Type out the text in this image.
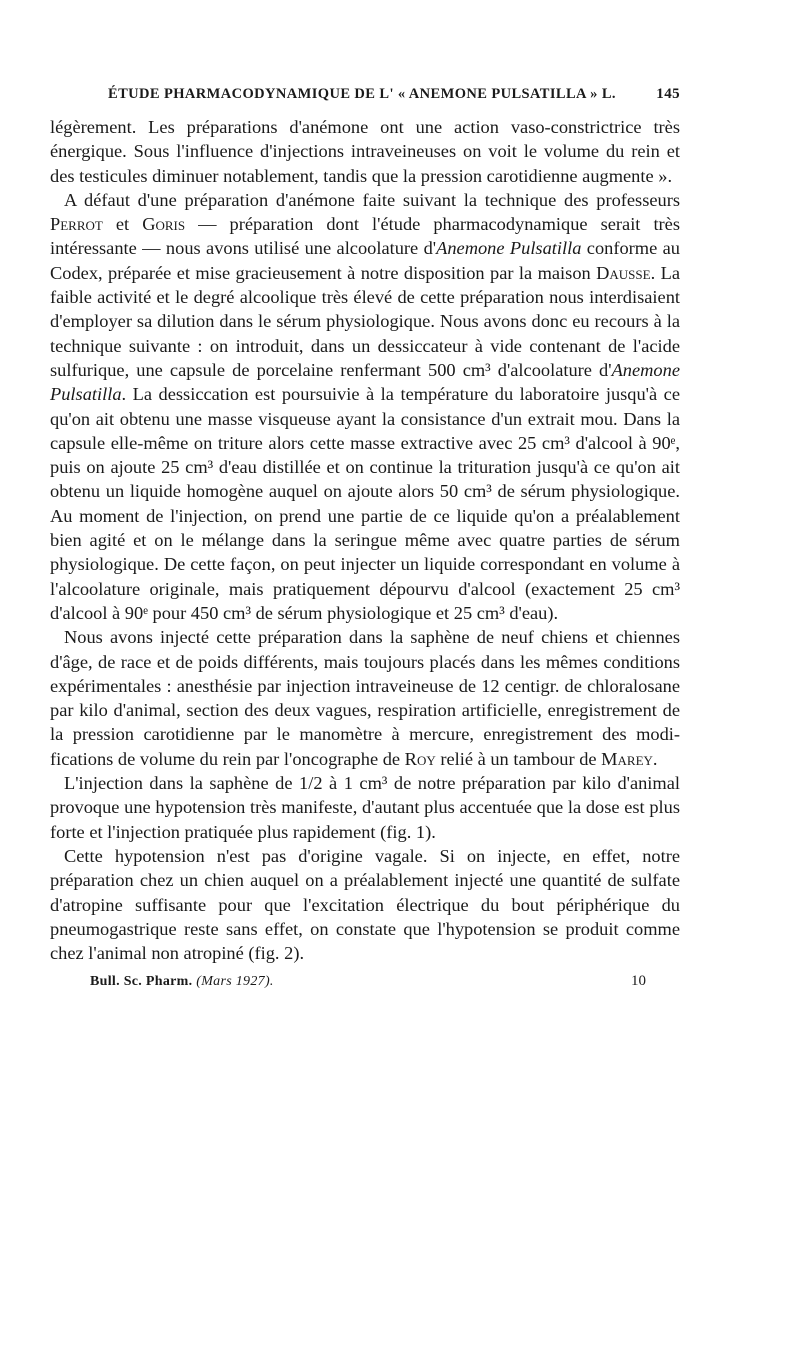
ÉTUDE PHARMACODYNAMIQUE DE L' « ANEMONE PULSATILLA » L.	145

légèrement. Les préparations d'anémone ont une action vaso-constrictrice très énergique. Sous l'influence d'injections intraveineuses on voit le volume du rein et des testicules diminuer notablement, tandis que la pression carotidienne augmente ».

A défaut d'une préparation d'anémone faite suivant la technique des professeurs Perrot et Goris — préparation dont l'étude pharmacodynamique serait très intéressante — nous avons utilisé une alcoolature d'Anemone Pulsatilla conforme au Codex, préparée et mise gracieusement à notre disposition par la maison Dausse. La faible activité et le degré alcoolique très élevé de cette préparation nous interdisaient d'employer sa dilution dans le sérum physiologique. Nous avons donc eu recours à la technique suivante : on introduit, dans un dessiccateur à vide contenant de l'acide sulfurique, une capsule de porcelaine renfermant 500 cm³ d'alcoolature d'Anemone Pulsatilla. La dessiccation est poursuivie à la température du laboratoire jusqu'à ce qu'on ait obtenu une masse visqueuse ayant la consistance d'un extrait mou. Dans la capsule elle-même on triture alors cette masse extractive avec 25 cm³ d'alcool à 90ᵉ, puis on ajoute 25 cm³ d'eau distillée et on continue la trituration jusqu'à ce qu'on ait obtenu un liquide homogène auquel on ajoute alors 50 cm³ de sérum physiologique. Au moment de l'injection, on prend une partie de ce liquide qu'on a préalablement bien agité et on le mélange dans la seringue même avec quatre parties de sérum physiologique. De cette façon, on peut injecter un liquide correspondant en volume à l'alcoolature originale, mais pratiquement dépourvu d'alcool (exactement 25 cm³ d'alcool à 90ᵉ pour 450 cm³ de sérum physiologique et 25 cm³ d'eau).

Nous avons injecté cette préparation dans la saphène de neuf chiens et chiennes d'âge, de race et de poids différents, mais toujours placés dans les mêmes conditions expérimentales : anesthésie par injection intraveineuse de 12 centigr. de chloralosane par kilo d'animal, section des deux vagues, respiration artificielle, enregistrement de la pression carotidienne par le manomètre à mercure, enregistrement des modifications de volume du rein par l'oncographe de Roy relié à un tambour de Marey.

L'injection dans la saphène de 1/2 à 1 cm³ de notre préparation par kilo d'animal provoque une hypotension très manifeste, d'autant plus accentuée que la dose est plus forte et l'injection pratiquée plus rapidement (fig. 1).

Cette hypotension n'est pas d'origine vagale. Si on injecte, en effet, notre préparation chez un chien auquel on a préalablement injecté une quantité de sulfate d'atropine suffisante pour que l'excitation électrique du bout périphérique du pneumogastrique reste sans effet, on constate que l'hypotension se produit comme chez l'animal non atropiné (fig. 2).

Bull. Sc. Pharm. (Mars 1927).	10
